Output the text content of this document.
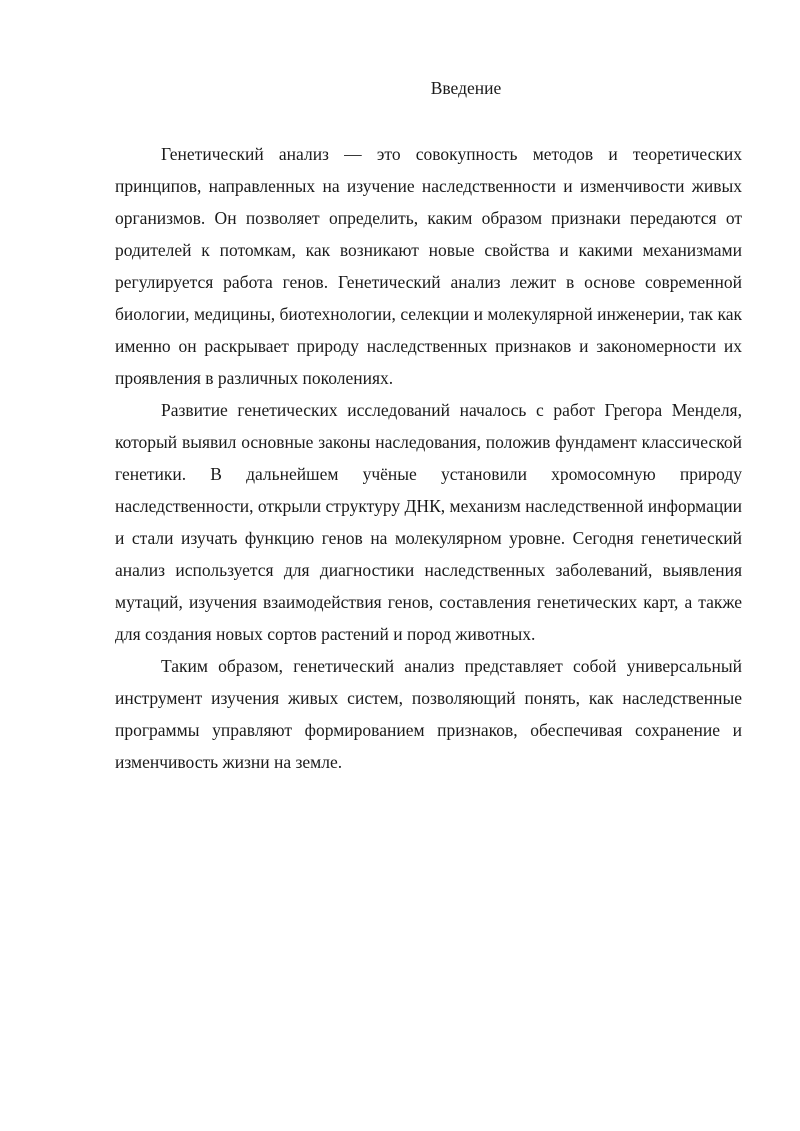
Введение

Генетический анализ — это совокупность методов и теоретических принципов, направленных на изучение наследственности и изменчивости живых организмов. Он позволяет определить, каким образом признаки передаются от родителей к потомкам, как возникают новые свойства и какими механизмами регулируется работа генов. Генетический анализ лежит в основе современной биологии, медицины, биотехнологии, селекции и молекулярной инженерии, так как именно он раскрывает природу наследственных признаков и закономерности их проявления в различных поколениях.

Развитие генетических исследований началось с работ Грегора Менделя, который выявил основные законы наследования, положив фундамент классической генетики. В дальнейшем учёные установили хромосомную природу наследственности, открыли структуру ДНК, механизм наследственной информации и стали изучать функцию генов на молекулярном уровне. Сегодня генетический анализ используется для диагностики наследственных заболеваний, выявления мутаций, изучения взаимодействия генов, составления генетических карт, а также для создания новых сортов растений и пород животных.

Таким образом, генетический анализ представляет собой универсальный инструмент изучения живых систем, позволяющий понять, как наследственные программы управляют формированием признаков, обеспечивая сохранение и изменчивость жизни на земле.
